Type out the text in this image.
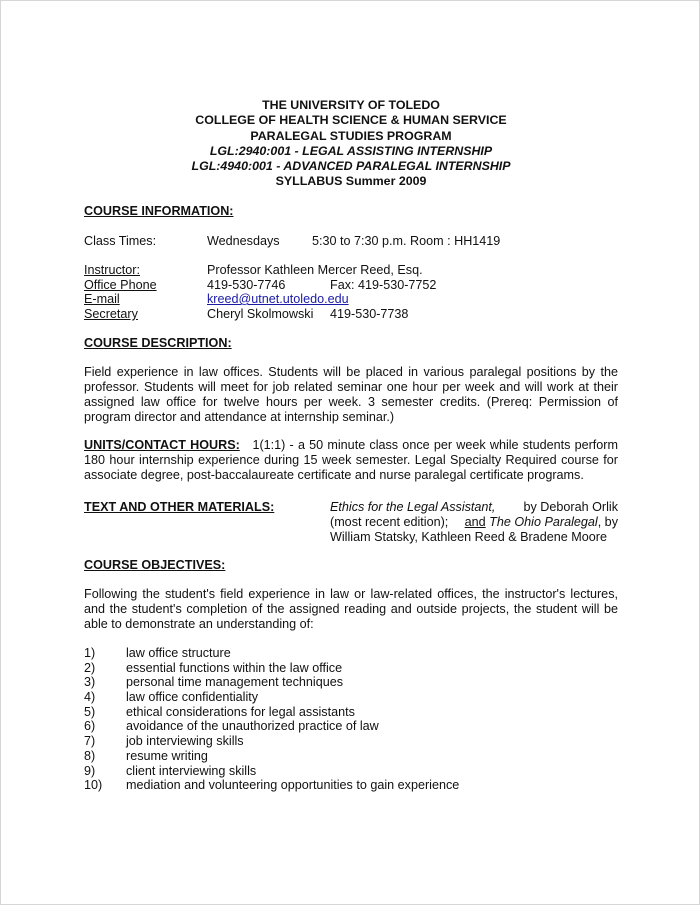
THE UNIVERSITY OF TOLEDO
COLLEGE OF HEALTH SCIENCE & HUMAN SERVICE
PARALEGAL STUDIES PROGRAM
LGL:2940:001 - LEGAL ASSISTING INTERNSHIP
LGL:4940:001 - ADVANCED PARALEGAL INTERNSHIP
SYLLABUS Summer 2009
COURSE INFORMATION:
Class Times:	Wednesdays	5:30 to 7:30 p.m. Room : HH1419
Instructor:	Professor Kathleen Mercer Reed, Esq.
Office Phone	419-530-7746	Fax: 419-530-7752
E-mail	kreed@utnet.utoledo.edu
Secretary	Cheryl Skolmowski 419-530-7738
COURSE DESCRIPTION:
Field experience in law offices. Students will be placed in various paralegal positions by the professor. Students will meet for job related seminar one hour per week and will work at their assigned law office for twelve hours per week. 3 semester credits. (Prereq: Permission of program director and attendance at internship seminar.)
UNITS/CONTACT HOURS: 1(1:1) - a 50 minute class once per week while students perform 180 hour internship experience during 15 week semester. Legal Specialty Required course for associate degree, post-baccalaureate certificate and nurse paralegal certificate programs.
TEXT AND OTHER MATERIALS:	Ethics for the Legal Assistant, by Deborah Orlik
(most recent edition); and The Ohio Paralegal, by
William Statsky, Kathleen Reed & Bradene Moore
COURSE OBJECTIVES:
Following the student's field experience in law or law-related offices, the instructor's lectures, and the student's completion of the assigned reading and outside projects, the student will be able to demonstrate an understanding of:
1) law office structure
2) essential functions within the law office
3) personal time management techniques
4) law office confidentiality
5) ethical considerations for legal assistants
6) avoidance of the unauthorized practice of law
7) job interviewing skills
8) resume writing
9) client interviewing skills
10) mediation and volunteering opportunities to gain experience
